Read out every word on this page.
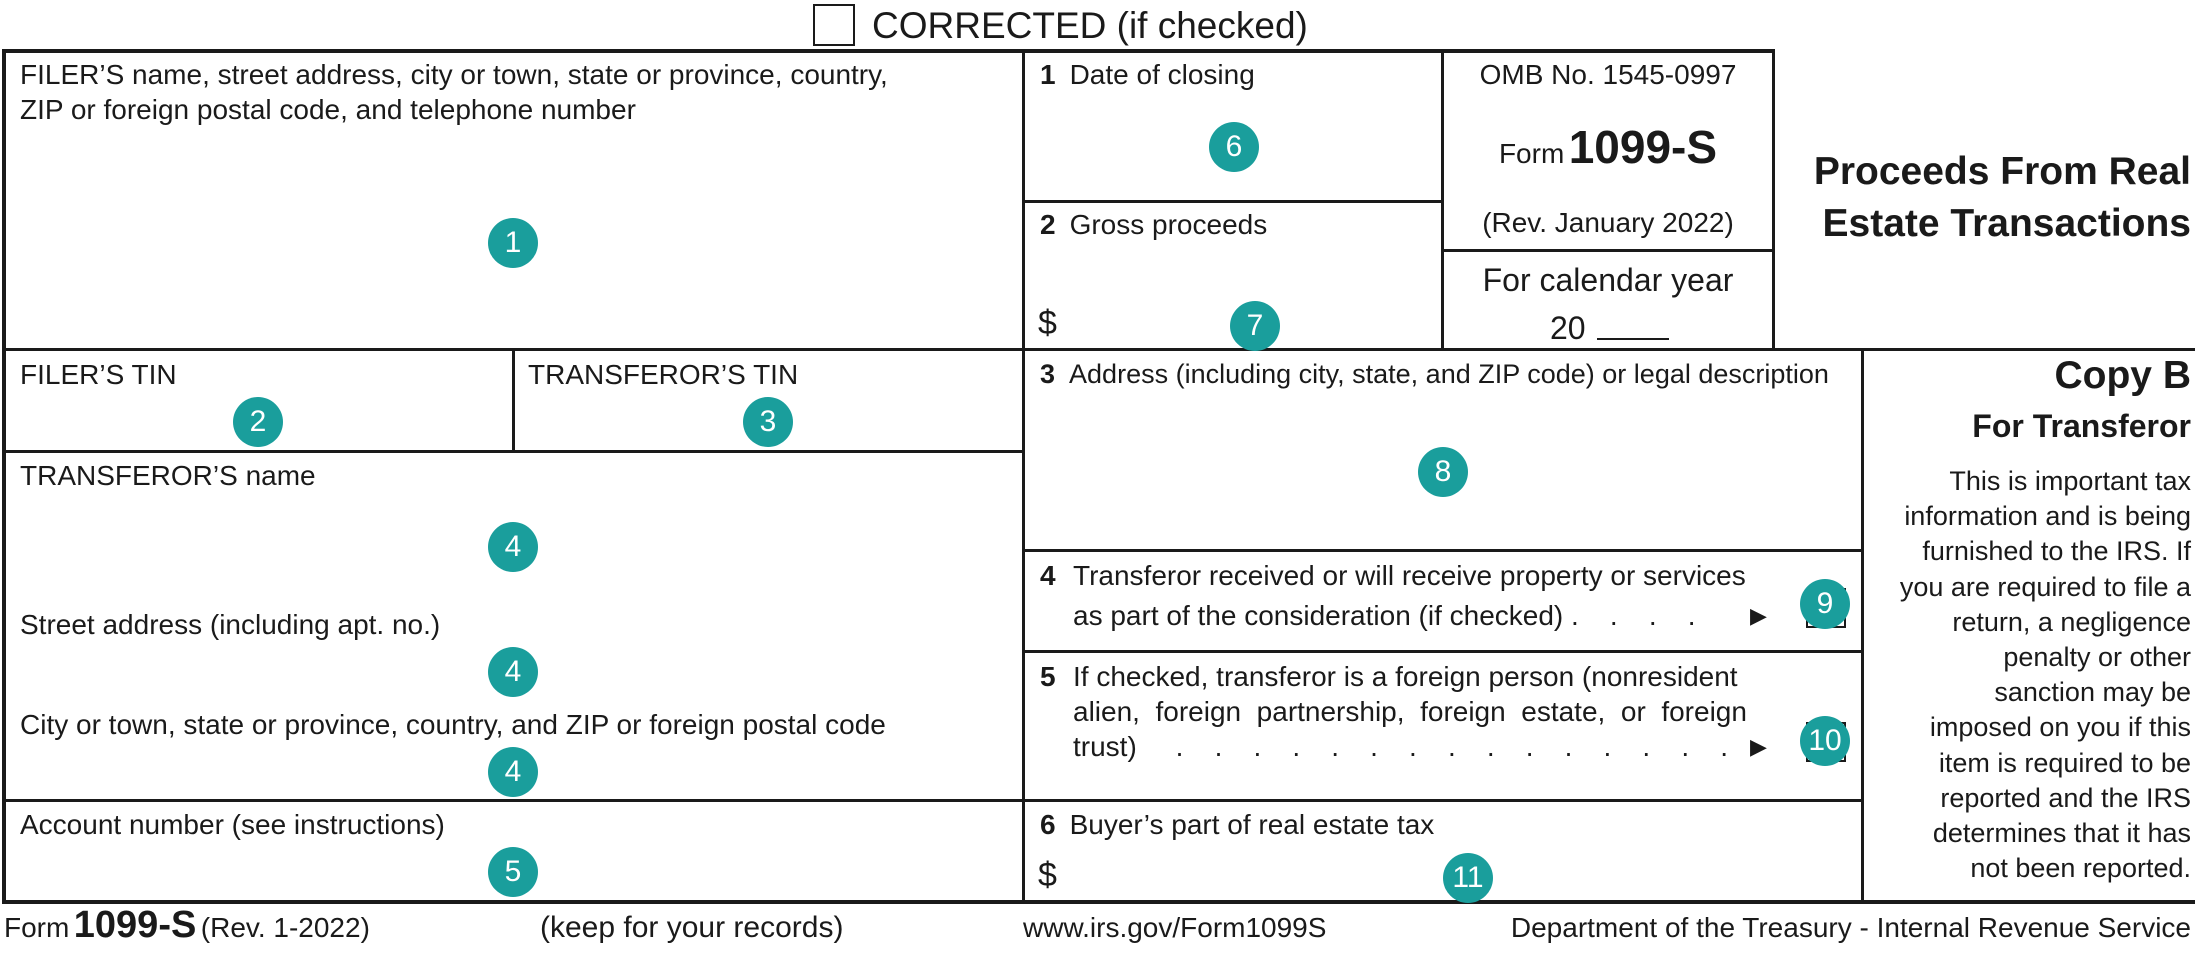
CORRECTED (if checked)
FILER’S name, street address, city or town, state or province, country,
ZIP or foreign postal code, and telephone number
1
1 Date of closing
6
2 Gross proceeds
$	7
OMB No. 1545-0997
Form 1099-S
(Rev. January 2022)
For calendar year
20
Proceeds From Real
Estate Transactions
FILER’S TIN
2
TRANSFEROR’S TIN
3
3 Address (including city, state, and ZIP code) or legal description
8
TRANSFEROR’S name
4
Street address (including apt. no.)
4
City or town, state or province, country, and ZIP or foreign postal code
4
4 Transferor received or will receive property or services
as part of the consideration (if checked) .    .    .    . ▶	9
5 If checked, transferor is a foreign person (nonresident
alien,  foreign  partnership,  foreign  estate,  or  foreign
trust)     .    .    .    .    .    .    .    .    .    .    .    .    .    .    . ▶ 10
Account number (see instructions)
5
6 Buyer’s part of real estate tax
$	11
Copy B
For Transferor
This is important tax
information and is being
furnished to the IRS. If
you are required to file a
return, a negligence
penalty or other
sanction may be
imposed on you if this
item is required to be
reported and the IRS
determines that it has
not been reported.
Form 1099-S (Rev. 1-2022)	(keep for your records)	www.irs.gov/Form1099S	Department of the Treasury - Internal Revenue Service
